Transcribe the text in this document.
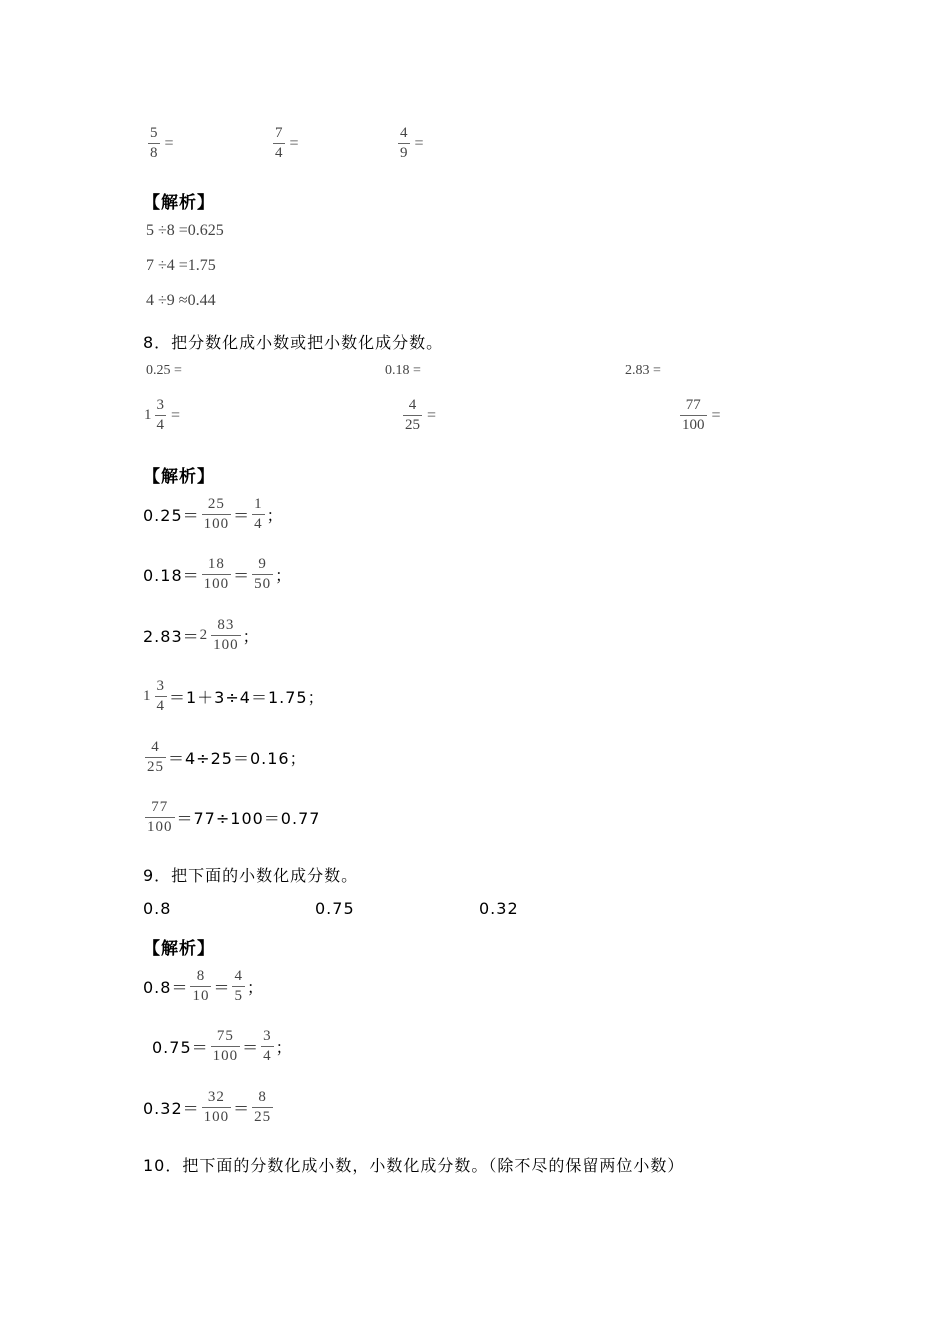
$\frac{5}{8}$ =	$\frac{7}{4}$ =	$\frac{4}{9}$ =
【解析】
5 ÷8 =0.625
7 ÷4 =1.75
4 ÷9 ≈0.44
8．把分数化成小数或把小数化成分数。
0.25 =	0.18 =	2.83 =
$1 \frac{3}{4}$ =	$\frac{4}{25}$ =	$\frac{77}{100}$ =
【解析】
$0.25= \frac{25}{100} = \frac{1}{4}$ ；
$0.18= \frac{18}{100} = \frac{9}{50}$ ；
$2.83= 2 \frac{83}{100}$ ；
$1 \frac{3}{4} =1+3\div 4=1.75$；
$\frac{4}{25} =4\div 25=0.16$；
$\frac{77}{100} =77\div 100=0.77$
9．把下面的小数化成分数。
0.8	0.75	0.32
【解析】
$0.8= \frac{8}{10} = \frac{4}{5}$ ；
$0.75= \frac{75}{100} = \frac{3}{4}$ ；
$0.32= \frac{32}{100} = \frac{8}{25}$
10．把下面的分数化成小数，小数化成分数。（除不尽的保留两位小数）
